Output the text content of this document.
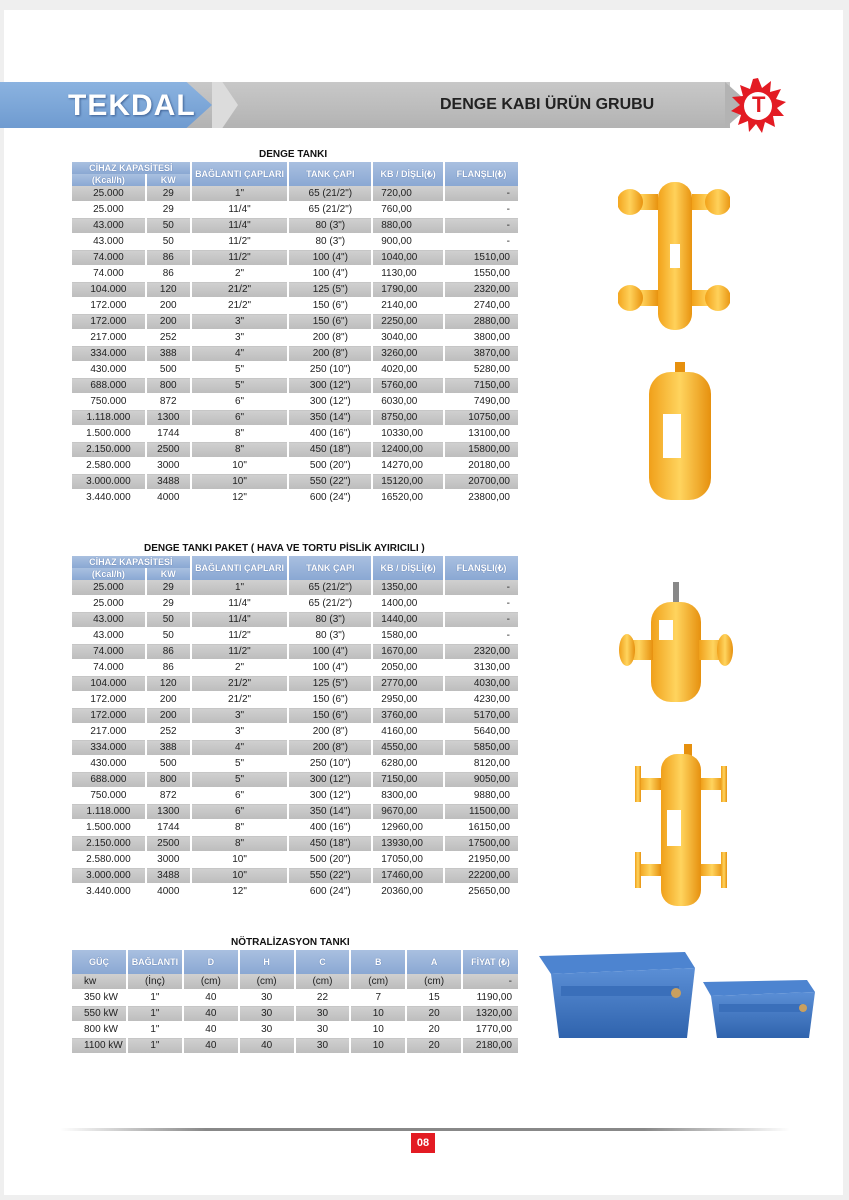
TEKDAL	DENGE KABI ÜRÜN GRUBU	T
DENGE TANKI
CİHAZ KAPASİTESİ		BAĞLANTI ÇAPLARI	TANK ÇAPI	KB / DİŞLİ(₺)	FLANŞLI(₺)
(Kcal/h)	KW				
25.000	29	1"	65 (21/2")	720,00	-
25.000	29	11/4"	65 (21/2")	760,00	-
43.000	50	11/4"	80 (3")	880,00	-
43.000	50	11/2"	80 (3")	900,00	-
74.000	86	11/2"	100 (4")	1040,00	1510,00
74.000	86	2"	100 (4")	1130,00	1550,00
104.000	120	21/2"	125 (5")	1790,00	2320,00
172.000	200	21/2"	150 (6")	2140,00	2740,00
172.000	200	3"	150 (6")	2250,00	2880,00
217.000	252	3"	200 (8")	3040,00	3800,00
334.000	388	4"	200 (8")	3260,00	3870,00
430.000	500	5"	250 (10")	4020,00	5280,00
688.000	800	5"	300 (12")	5760,00	7150,00
750.000	872	6"	300 (12")	6030,00	7490,00
1.118.000	1300	6"	350 (14")	8750,00	10750,00
1.500.000	1744	8"	400 (16")	10330,00	13100,00
2.150.000	2500	8"	450 (18")	12400,00	15800,00
2.580.000	3000	10"	500 (20")	14270,00	20180,00
3.000.000	3488	10"	550 (22")	15120,00	20700,00
3.440.000	4000	12"	600 (24")	16520,00	23800,00
DENGE TANKI PAKET ( HAVA VE TORTU PİSLİK AYIRICILI )
CİHAZ KAPASİTESİ		BAĞLANTI ÇAPLARI	TANK ÇAPI	KB / DİŞLİ(₺)	FLANŞLI(₺)
(Kcal/h)	KW				
25.000	29	1"	65 (21/2")	1350,00	-
25.000	29	11/4"	65 (21/2")	1400,00	-
43.000	50	11/4"	80 (3")	1440,00	-
43.000	50	11/2"	80 (3")	1580,00	-
74.000	86	11/2"	100 (4")	1670,00	2320,00
74.000	86	2"	100 (4")	2050,00	3130,00
104.000	120	21/2"	125 (5")	2770,00	4030,00
172.000	200	21/2"	150 (6")	2950,00	4230,00
172.000	200	3"	150 (6")	3760,00	5170,00
217.000	252	3"	200 (8")	4160,00	5640,00
334.000	388	4"	200 (8")	4550,00	5850,00
430.000	500	5"	250 (10")	6280,00	8120,00
688.000	800	5"	300 (12")	7150,00	9050,00
750.000	872	6"	300 (12")	8300,00	9880,00
1.118.000	1300	6"	350 (14")	9670,00	11500,00
1.500.000	1744	8"	400 (16")	12960,00	16150,00
2.150.000	2500	8"	450 (18")	13930,00	17500,00
2.580.000	3000	10"	500 (20")	17050,00	21950,00
3.000.000	3488	10"	550 (22")	17460,00	22200,00
3.440.000	4000	12"	600 (24")	20360,00	25650,00
NÖTRALİZASYON TANKI
GÜÇ	BAĞLANTI	D	H	C	B	A	FİYAT (₺)
kw	(İnç)	(cm)	(cm)	(cm)	(cm)	(cm)	-
350 kW	1"	40	30	22	7	15	1190,00
550 kW	1"	40	30	30	10	20	1320,00
800 kW	1"	40	30	30	10	20	1770,00
1100 kW	1"	40	40	30	10	20	2180,00
08
